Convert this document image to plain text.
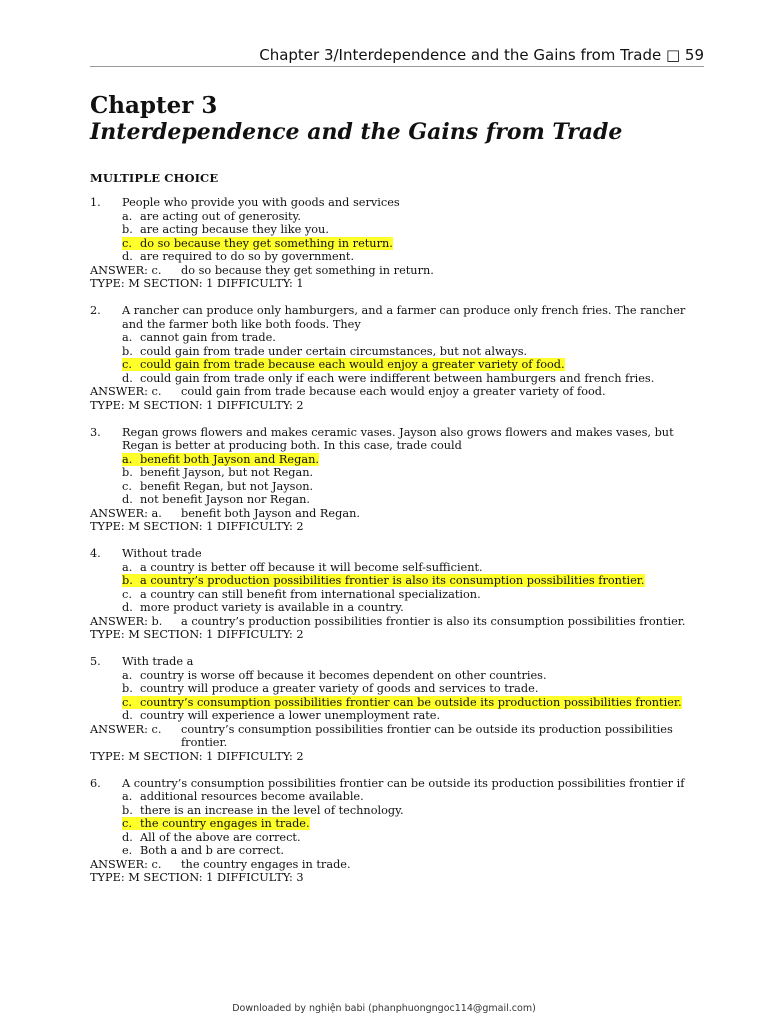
Chapter 3/Interdependence and the Gains from Trade □ 59
Chapter 3
Interdependence and the Gains from Trade
MULTIPLE CHOICE
1.	People who provide you with goods and services
a. are acting out of generosity.
b. are acting because they like you.
c. do so because they get something in return.
d. are required to do so by government.
ANSWER: c. do so because they get something in return.
TYPE: M SECTION: 1 DIFFICULTY: 1
2.	A rancher can produce only hamburgers, and a farmer can produce only french fries. The rancher and the farmer both like both foods. They
a. cannot gain from trade.
b. could gain from trade under certain circumstances, but not always.
c. could gain from trade because each would enjoy a greater variety of food.
d. could gain from trade only if each were indifferent between hamburgers and french fries.
ANSWER: c. could gain from trade because each would enjoy a greater variety of food.
TYPE: M SECTION: 1 DIFFICULTY: 2
3.	Regan grows flowers and makes ceramic vases. Jayson also grows flowers and makes vases, but Regan is better at producing both. In this case, trade could
a. benefit both Jayson and Regan.
b. benefit Jayson, but not Regan.
c. benefit Regan, but not Jayson.
d. not benefit Jayson nor Regan.
ANSWER: a. benefit both Jayson and Regan.
TYPE: M SECTION: 1 DIFFICULTY: 2
4.	Without trade
a. a country is better off because it will become self-sufficient.
b. a country’s production possibilities frontier is also its consumption possibilities frontier.
c. a country can still benefit from international specialization.
d. more product variety is available in a country.
ANSWER: b. a country’s production possibilities frontier is also its consumption possibilities frontier.
TYPE: M SECTION: 1 DIFFICULTY: 2
5.	With trade a
a. country is worse off because it becomes dependent on other countries.
b. country will produce a greater variety of goods and services to trade.
c. country’s consumption possibilities frontier can be outside its production possibilities frontier.
d. country will experience a lower unemployment rate.
ANSWER: c. country’s consumption possibilities frontier can be outside its production possibilities frontier.
TYPE: M SECTION: 1 DIFFICULTY: 2
6.	A country’s consumption possibilities frontier can be outside its production possibilities frontier if
a. additional resources become available.
b. there is an increase in the level of technology.
c. the country engages in trade.
d. All of the above are correct.
e. Both a and b are correct.
ANSWER: c. the country engages in trade.
TYPE: M SECTION: 1 DIFFICULTY: 3
Downloaded by nghiện babi (phanphuongngoc114@gmail.com)
